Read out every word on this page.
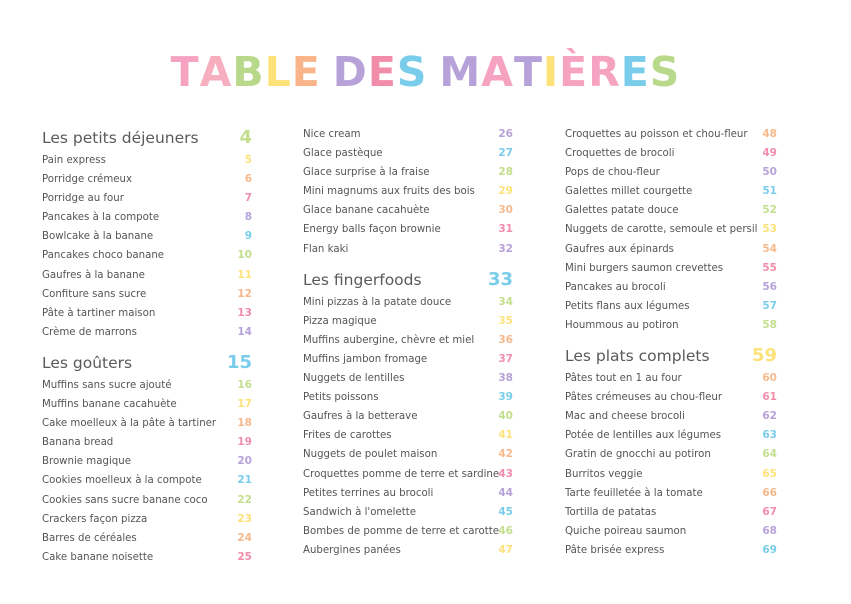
TABLE DES MATIÈRES
Les petits déjeuners 4
Pain express	5
Porridge crémeux	6
Porridge au four	7
Pancakes à la compote	8
Bowlcake à la banane	9
Pancakes choco banane	10
Gaufres à la banane	11
Confiture sans sucre	12
Pâte à tartiner maison	13
Crème de marrons	14
Les goûters	15
Muffins sans sucre ajouté	16
Muffins banane cacahuète	17
Cake moelleux à la pâte à tartiner 18
Banana bread	19
Brownie magique	20
Cookies moelleux à la compote	21
Cookies sans sucre banane coco	22
Crackers façon pizza	23
Barres de céréales	24
Cake banane noisette	25
Nice cream	26
Glace pastèque	27
Glace surprise à la fraise	28
Mini magnums aux fruits des bois 29
Glace banane cacahuète	30
Energy balls façon brownie	31
Flan kaki	32
Les fingerfoods	33
Mini pizzas à la patate douce	34
Pizza magique	35
Muffins aubergine, chèvre et miel 36
Muffins jambon fromage	37
Nuggets de lentilles	38
Petits poissons	39
Gaufres à la betterave	40
Frites de carottes	41
Nuggets de poulet maison	42
Croquettes pomme de terre et sardine 43
Petites terrines au brocoli	44
Sandwich à l'omelette	45
Bombes de pomme de terre et carotte 46
Aubergines panées	47
Croquettes au poisson et chou-fleur 48
Croquettes de brocoli	49
Pops de chou-fleur	50
Galettes millet courgette	51
Galettes patate douce	52
Nuggets de carotte, semoule et persil 53
Gaufres aux épinards	54
Mini burgers saumon crevettes	55
Pancakes au brocoli	56
Petits flans aux légumes	57
Hoummous au potiron	58
Les plats complets 59
Pâtes tout en 1 au four	60
Pâtes crémeuses au chou-fleur	61
Mac and cheese brocoli	62
Potée de lentilles aux légumes	63
Gratin de gnocchi au potiron	64
Burritos veggie	65
Tarte feuilletée à la tomate	66
Tortilla de patatas	67
Quiche poireau saumon	68
Pâte brisée express	69
